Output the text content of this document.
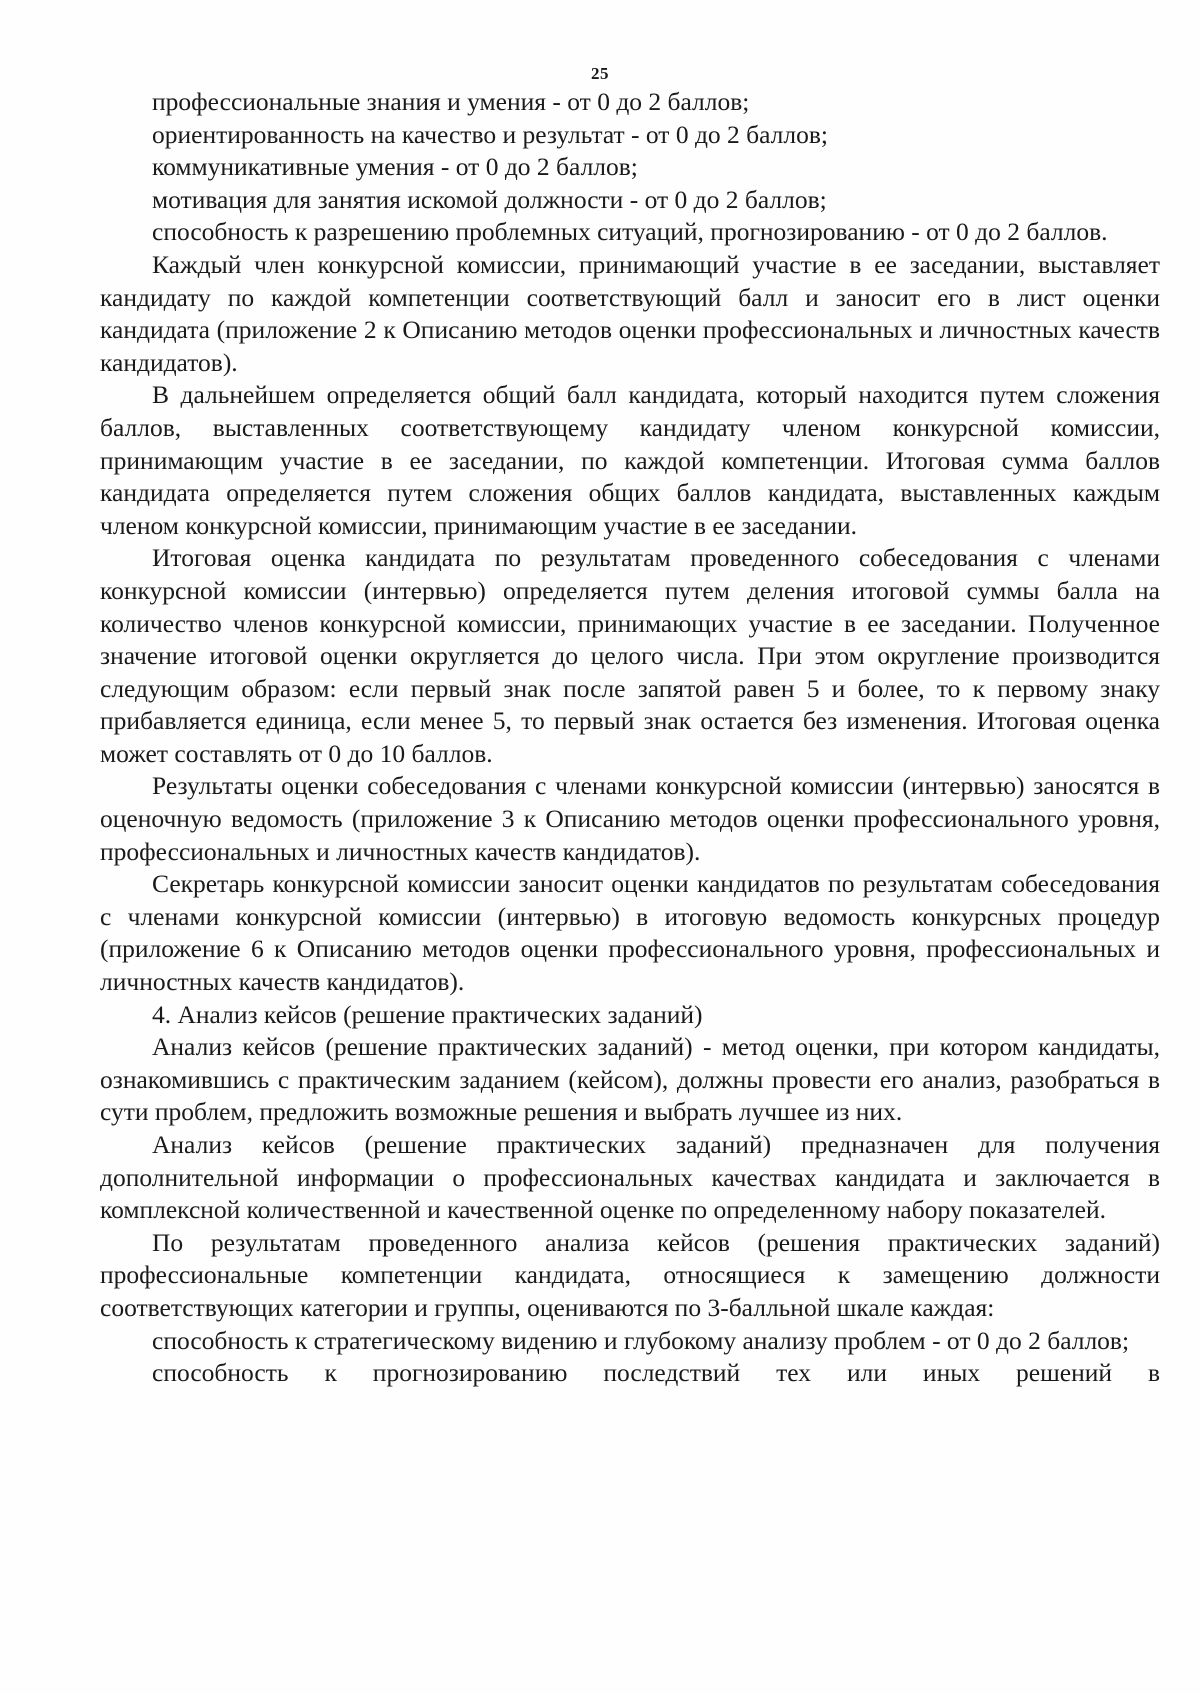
25

профессиональные знания и умения - от 0 до 2 баллов;

ориентированность на качество и результат - от 0 до 2 баллов;

коммуникативные умения - от 0 до 2 баллов;

мотивация для занятия искомой должности - от 0 до 2 баллов;

способность к разрешению проблемных ситуаций, прогнозированию - от 0 до 2 баллов.

Каждый член конкурсной комиссии, принимающий участие в ее заседании, выставляет кандидату по каждой компетенции соответствующий балл и заносит его в лист оценки кандидата (приложение 2 к Описанию методов оценки профессиональных и личностных качеств кандидатов).

В дальнейшем определяется общий балл кандидата, который находится путем сложения баллов, выставленных соответствующему кандидату членом конкурсной комиссии, принимающим участие в ее заседании, по каждой компетенции. Итоговая сумма баллов кандидата определяется путем сложения общих баллов кандидата, выставленных каждым членом конкурсной комиссии, принимающим участие в ее заседании.

Итоговая оценка кандидата по результатам проведенного собеседования с членами конкурсной комиссии (интервью) определяется путем деления итоговой суммы балла на количество членов конкурсной комиссии, принимающих участие в ее заседании. Полученное значение итоговой оценки округляется до целого числа. При этом округление производится следующим образом: если первый знак после запятой равен 5 и более, то к первому знаку прибавляется единица, если менее 5, то первый знак остается без изменения. Итоговая оценка может составлять от 0 до 10 баллов.

Результаты оценки собеседования с членами конкурсной комиссии (интервью) заносятся в оценочную ведомость (приложение 3 к Описанию методов оценки профессионального уровня, профессиональных и личностных качеств кандидатов).

Секретарь конкурсной комиссии заносит оценки кандидатов по результатам собеседования с членами конкурсной комиссии (интервью) в итоговую ведомость конкурсных процедур (приложение 6 к Описанию методов оценки профессионального уровня, профессиональных и личностных качеств кандидатов).

4. Анализ кейсов (решение практических заданий)

Анализ кейсов (решение практических заданий) - метод оценки, при котором кандидаты, ознакомившись с практическим заданием (кейсом), должны провести его анализ, разобраться в сути проблем, предложить возможные решения и выбрать лучшее из них.

Анализ кейсов (решение практических заданий) предназначен для получения дополнительной информации о профессиональных качествах кандидата и заключается в комплексной количественной и качественной оценке по определенному набору показателей.

По результатам проведенного анализа кейсов (решения практических заданий) профессиональные компетенции кандидата, относящиеся к замещению должности соответствующих категории и группы, оцениваются по 3-балльной шкале каждая:

способность к стратегическому видению и глубокому анализу проблем - от 0 до 2 баллов;

способность к прогнозированию последствий тех или иных решений в
